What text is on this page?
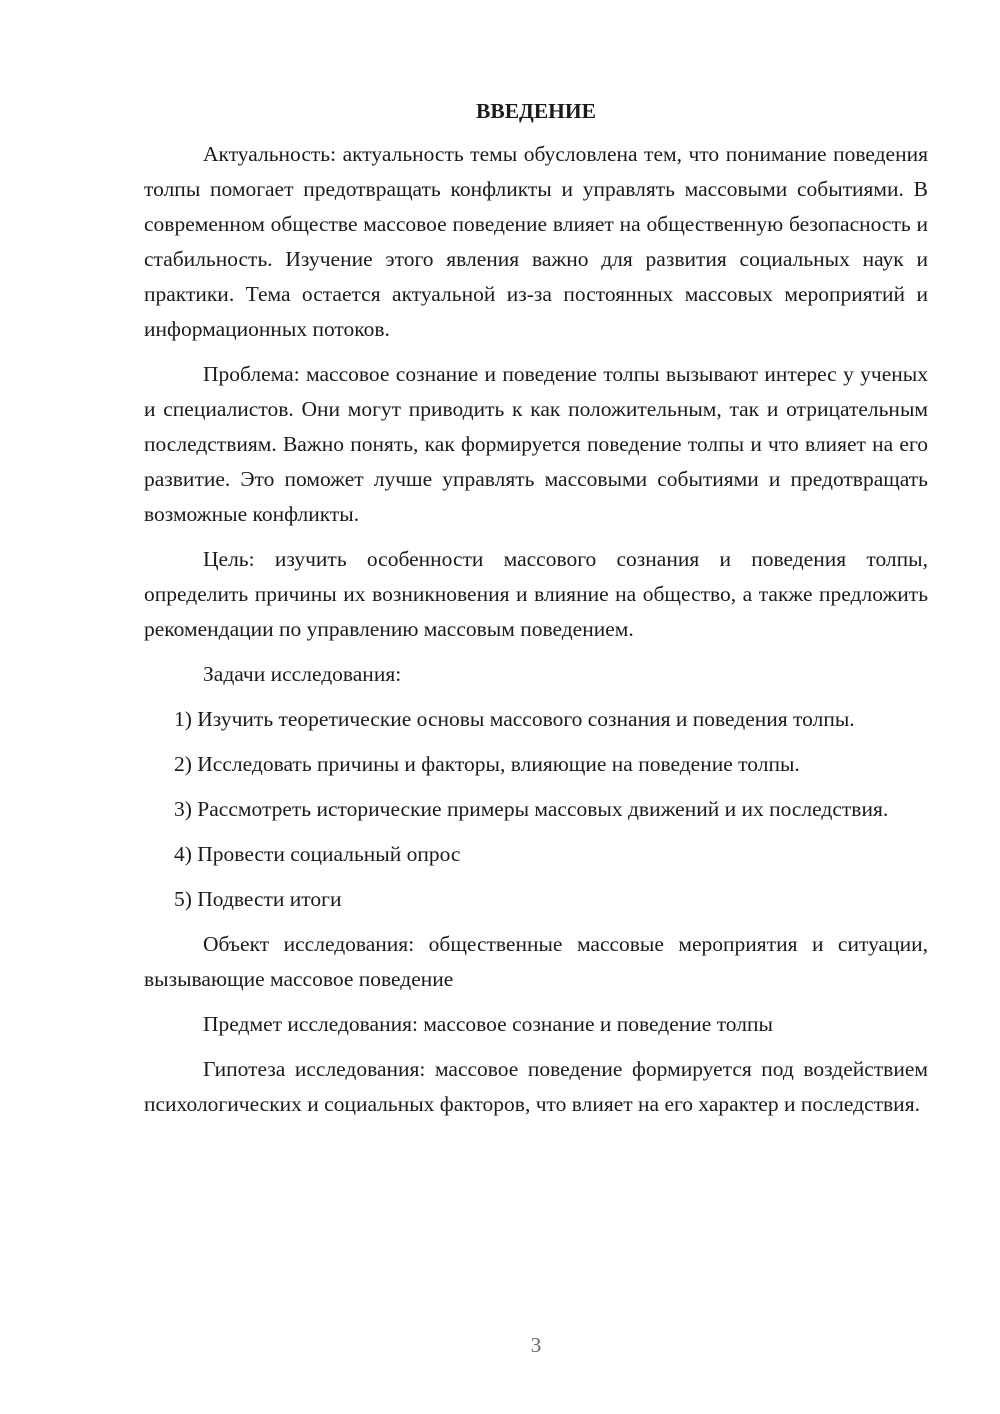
ВВЕДЕНИЕ

Актуальность: актуальность темы обусловлена тем, что понимание поведения толпы помогает предотвращать конфликты и управлять массовыми событиями. В современном обществе массовое поведение влияет на общественную безопасность и стабильность. Изучение этого явления важно для развития социальных наук и практики. Тема остается актуальной из-за постоянных массовых мероприятий и информационных потоков.

Проблема: массовое сознание и поведение толпы вызывают интерес у ученых и специалистов. Они могут приводить к как положительным, так и отрицательным последствиям. Важно понять, как формируется поведение толпы и что влияет на его развитие. Это поможет лучше управлять массовыми событиями и предотвращать возможные конфликты.

Цель: изучить особенности массового сознания и поведения толпы, определить причины их возникновения и влияние на общество, а также предложить рекомендации по управлению массовым поведением.

Задачи исследования:

1) Изучить теоретические основы массового сознания и поведения толпы.

2) Исследовать причины и факторы, влияющие на поведение толпы.

3) Рассмотреть исторические примеры массовых движений и их последствия.

4) Провести социальный опрос

5) Подвести итоги

Объект исследования: общественные массовые мероприятия и ситуации, вызывающие массовое поведение

Предмет исследования: массовое сознание и поведение толпы

Гипотеза исследования: массовое поведение формируется под воздействием психологических и социальных факторов, что влияет на его характер и последствия.

3
